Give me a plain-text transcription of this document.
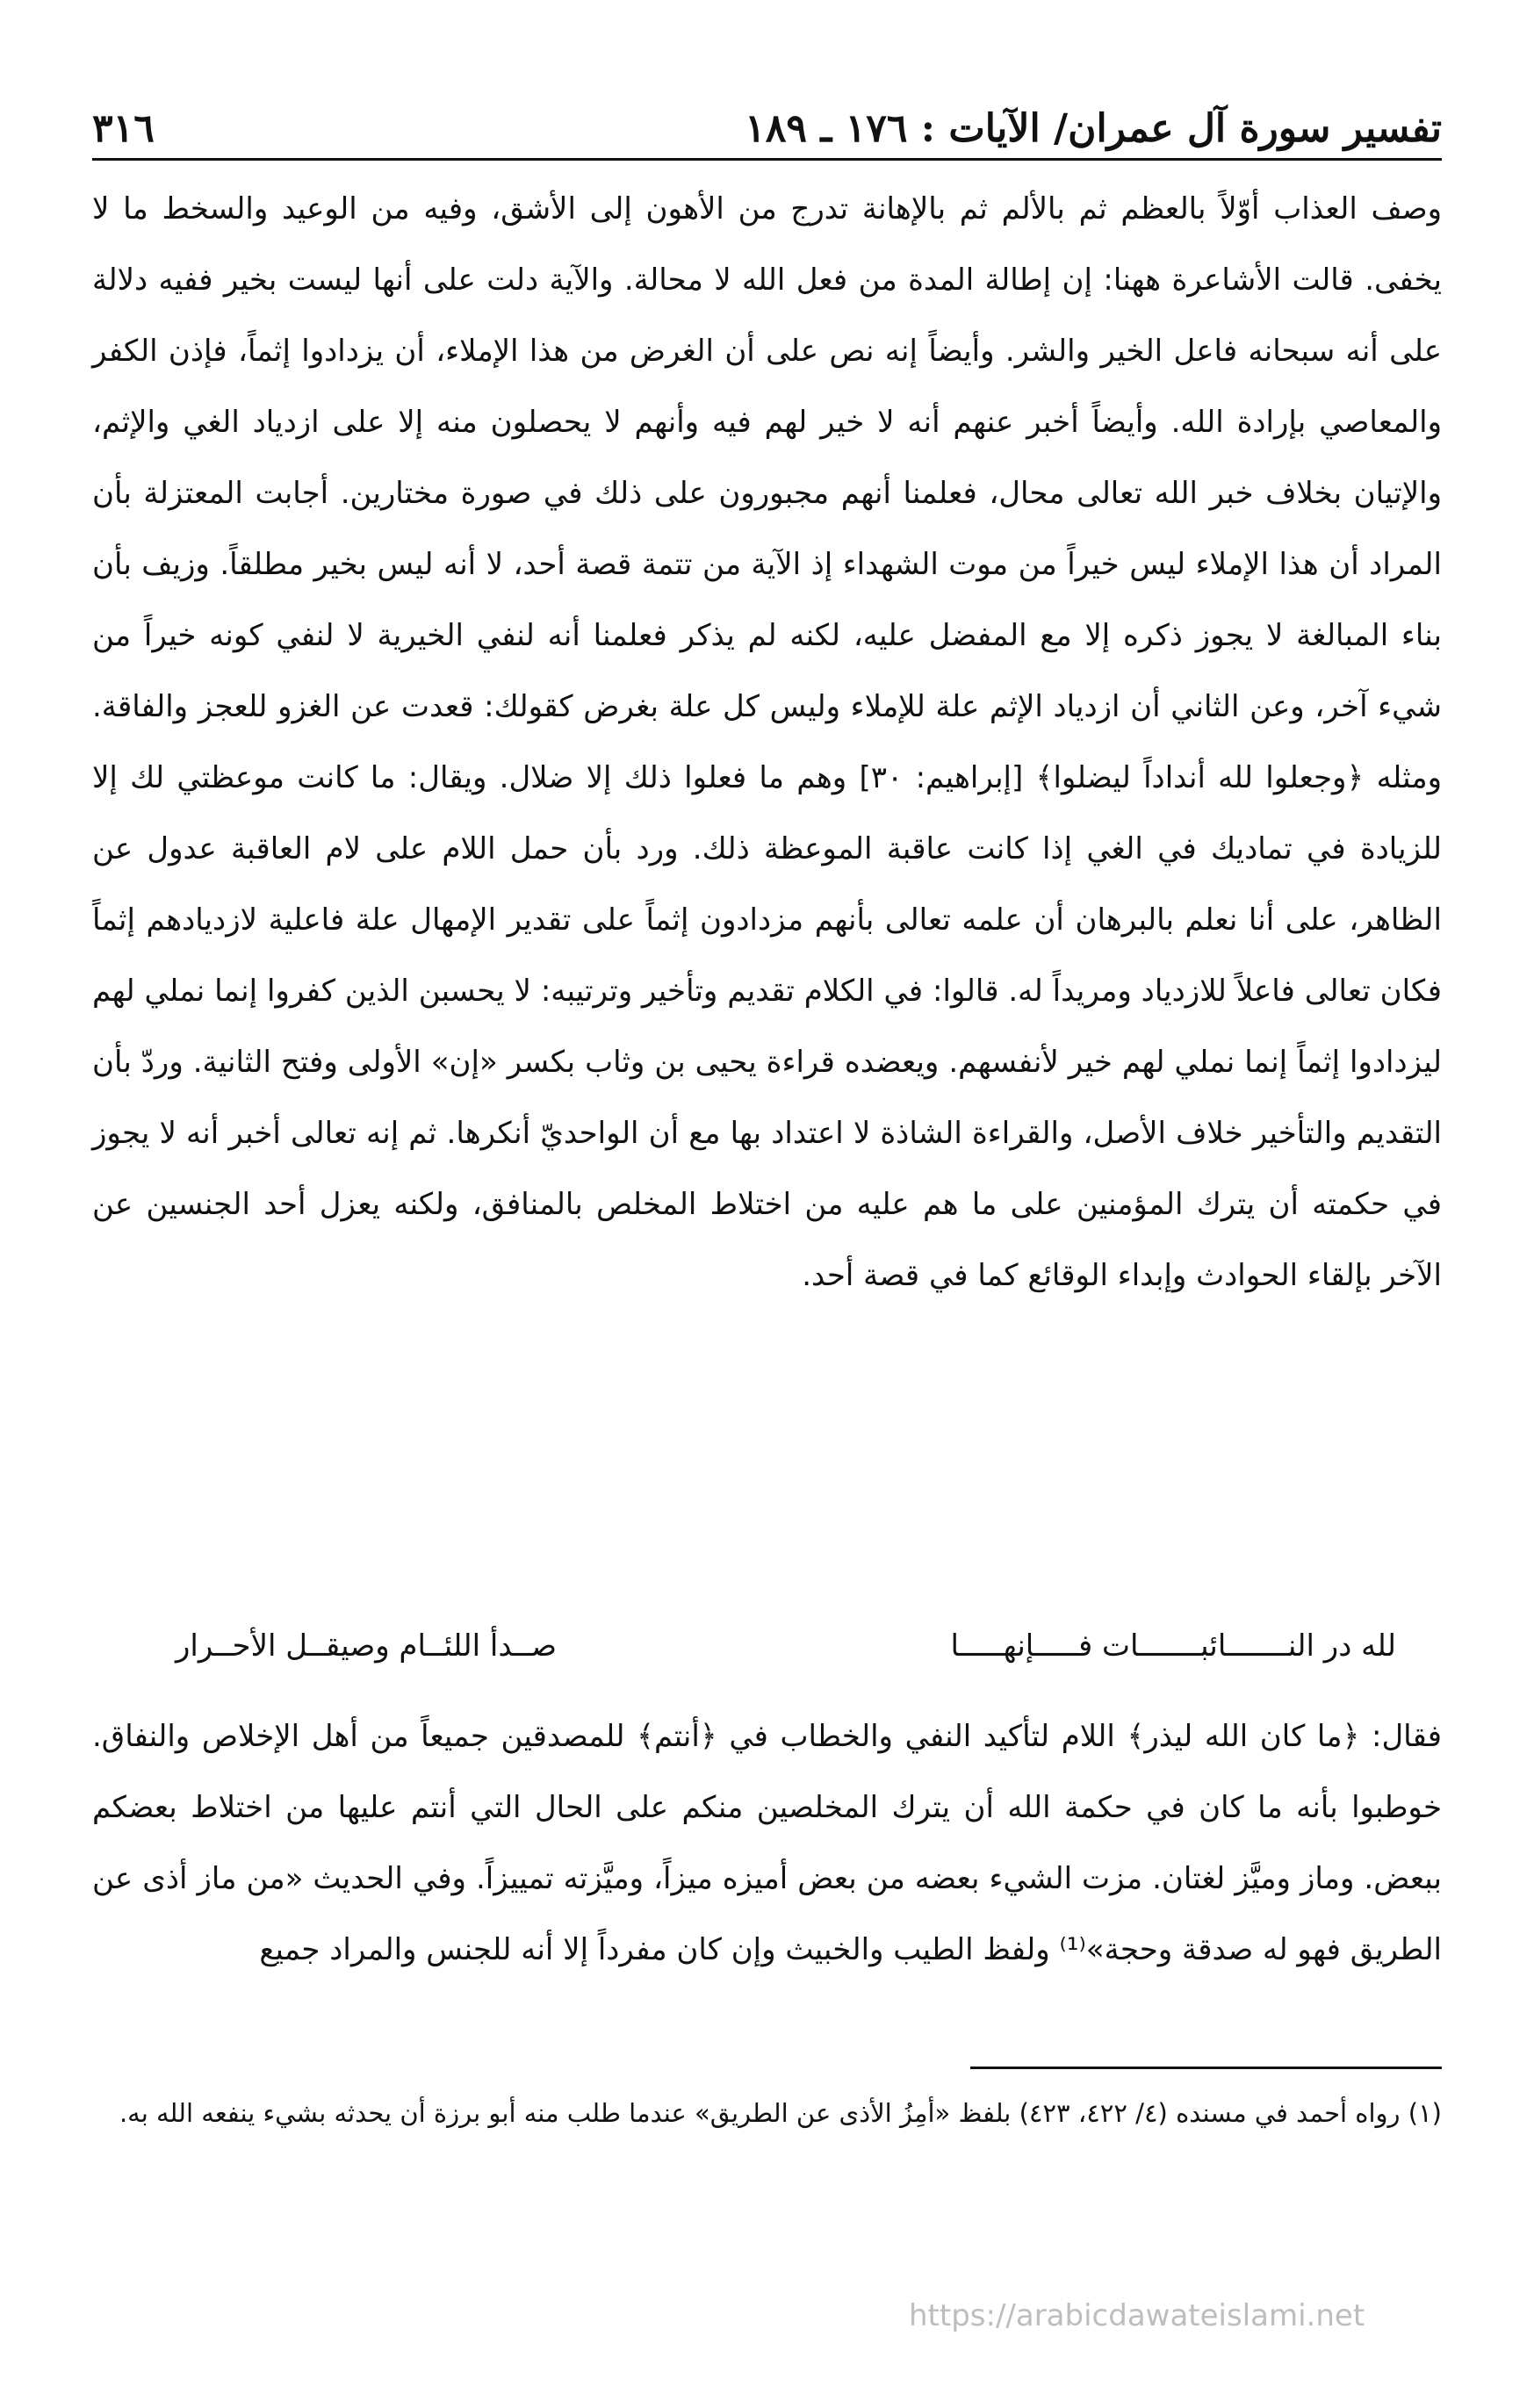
٣١٦	تفسير سورة آل عمران/ الآيات : ١٧٦ ـ ١٨٩

وصف العذاب أوّلاً بالعظم ثم بالألم ثم بالإهانة تدرج من الأهون إلى الأشق، وفيه من الوعيد والسخط ما لا يخفى. قالت الأشاعرة ههنا: إن إطالة المدة من فعل الله لا محالة. والآية دلت على أنها ليست بخير ففيه دلالة على أنه سبحانه فاعل الخير والشر. وأيضاً إنه نص على أن الغرض من هذا الإملاء، أن يزدادوا إثماً، فإذن الكفر والمعاصي بإرادة الله. وأيضاً أخبر عنهم أنه لا خير لهم فيه وأنهم لا يحصلون منه إلا على ازدياد الغي والإثم، والإتيان بخلاف خبر الله تعالى محال، فعلمنا أنهم مجبورون على ذلك في صورة مختارين. أجابت المعتزلة بأن المراد أن هذا الإملاء ليس خيراً من موت الشهداء إذ الآية من تتمة قصة أحد، لا أنه ليس بخير مطلقاً. وزيف بأن بناء المبالغة لا يجوز ذكره إلا مع المفضل عليه، لكنه لم يذكر فعلمنا أنه لنفي الخيرية لا لنفي كونه خيراً من شيء آخر، وعن الثاني أن ازدياد الإثم علة للإملاء وليس كل علة بغرض كقولك: قعدت عن الغزو للعجز والفاقة. ومثله ﴿وجعلوا لله أنداداً ليضلوا﴾ [إبراهيم: ٣٠] وهم ما فعلوا ذلك إلا ضلال. ويقال: ما كانت موعظتي لك إلا للزيادة في تماديك في الغي إذا كانت عاقبة الموعظة ذلك. ورد بأن حمل اللام على لام العاقبة عدول عن الظاهر، على أنا نعلم بالبرهان أن علمه تعالى بأنهم مزدادون إثماً على تقدير الإمهال علة فاعلية لازديادهم إثماً فكان تعالى فاعلاً للازدياد ومريداً له. قالوا: في الكلام تقديم وتأخير وترتيبه: لا يحسبن الذين كفروا إنما نملي لهم ليزدادوا إثماً إنما نملي لهم خير لأنفسهم. ويعضده قراءة يحيى بن وثاب بكسر «إن» الأولى وفتح الثانية. وردّ بأن التقديم والتأخير خلاف الأصل، والقراءة الشاذة لا اعتداد بها مع أن الواحديّ أنكرها. ثم إنه تعالى أخبر أنه لا يجوز في حكمته أن يترك المؤمنين على ما هم عليه من اختلاط المخلص بالمنافق، ولكنه يعزل أحد الجنسين عن الآخر بإلقاء الحوادث وإبداء الوقائع كما في قصة أحد.

لله در النـــــــائبـــــــات فـــــإنهـــــا
صــدأ اللئــام وصيقــل الأحــرار

فقال: ﴿ما كان الله ليذر﴾ اللام لتأكيد النفي والخطاب في ﴿أنتم﴾ للمصدقين جميعاً من أهل الإخلاص والنفاق. خوطبوا بأنه ما كان في حكمة الله أن يترك المخلصين منكم على الحال التي أنتم عليها من اختلاط بعضكم ببعض. وماز وميَّز لغتان. مزت الشيء بعضه من بعض أميزه ميزاً، وميَّزته تمييزاً. وفي الحديث «من ماز أذى عن الطريق فهو له صدقة وحجة»⁽¹⁾ ولفظ الطيب والخبيث وإن كان مفرداً إلا أنه للجنس والمراد جميع

(١) رواه أحمد في مسنده (٤/ ٤٢٢، ٤٢٣) بلفظ «أمِزُ الأذى عن الطريق» عندما طلب منه أبو برزة أن يحدثه بشيء ينفعه الله به.

https://arabicdawateislami.net
